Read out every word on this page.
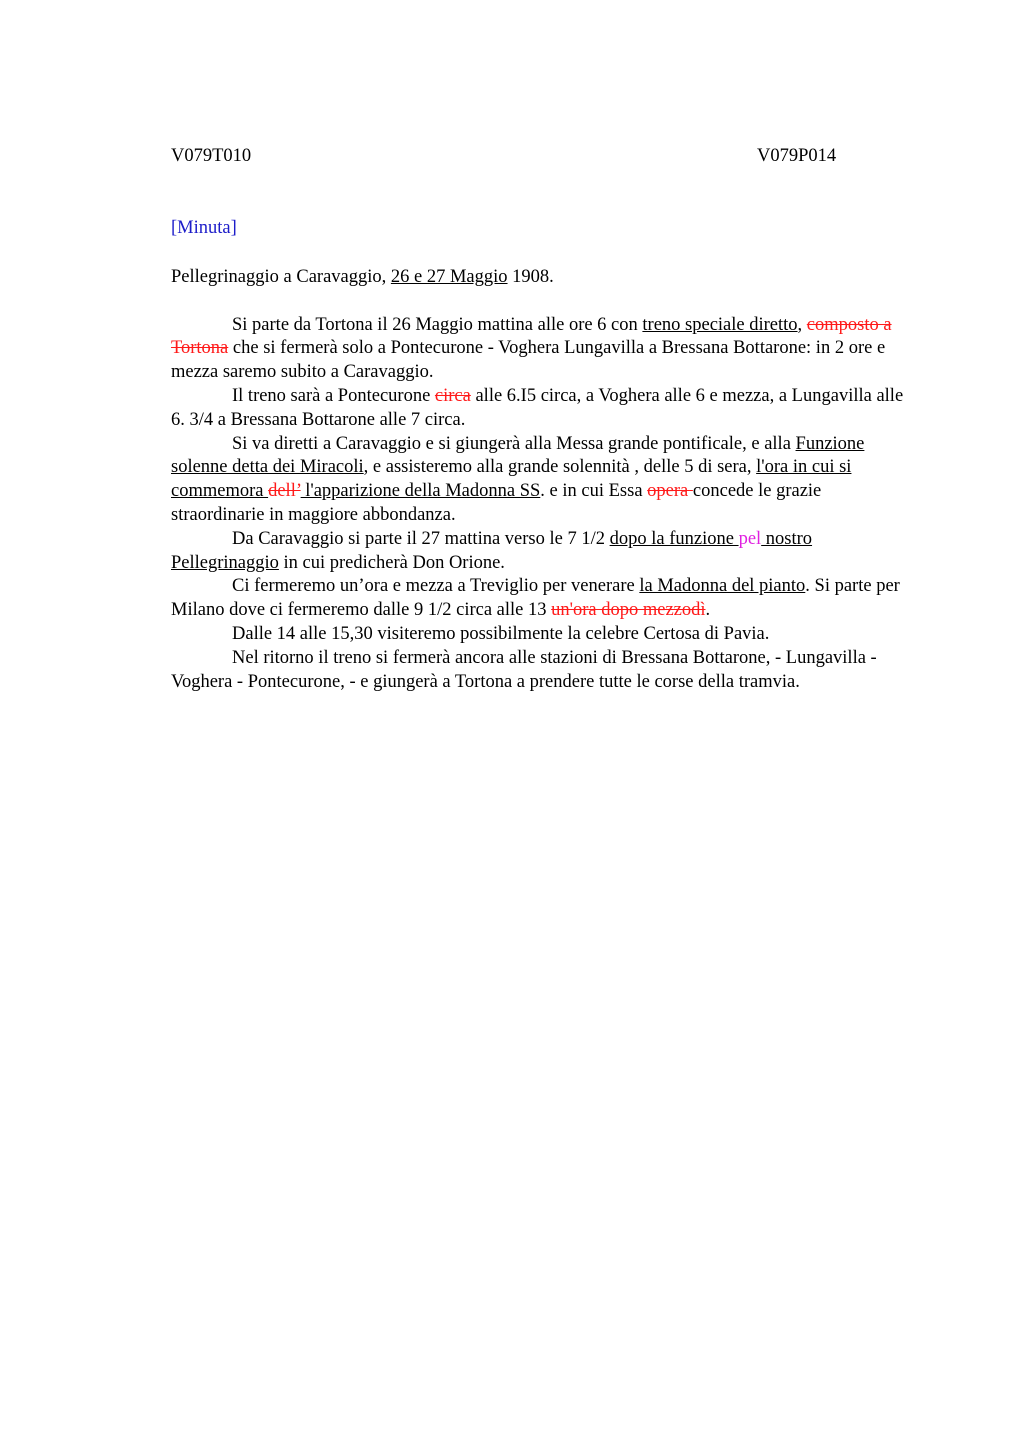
V079T010	V079P014
[Minuta]

Pellegrinaggio a Caravaggio, 26 e 27 Maggio 1908.

Si parte da Tortona il 26 Maggio mattina alle ore 6 con treno speciale diretto, composto a Tortona che si fermerà solo a Pontecurone - Voghera Lungavilla a Bressana Bottarone: in 2 ore e mezza saremo subito a Caravaggio.

Il treno sarà a Pontecurone circa alle 6.I5 circa, a Voghera alle 6 e mezza, a Lungavilla alle 6. 3/4 a Bressana Bottarone alle 7 circa.

Si va diretti a Caravaggio e si giungerà alla Messa grande pontificale, e alla Funzione solenne detta dei Miracoli, e assisteremo alla grande solennità , delle 5 di sera, l'ora in cui si commemora dell’ l'apparizione della Madonna SS. e in cui Essa opera concede le grazie straordinarie in maggiore abbondanza.

Da Caravaggio si parte il 27 mattina verso le 7 1/2 dopo la funzione pel nostro Pellegrinaggio in cui predicherà Don Orione.

Ci fermeremo un’ora e mezza a Treviglio per venerare la Madonna del pianto. Si parte per Milano dove ci fermeremo dalle 9 1/2 circa alle 13 un'ora dopo mezzodì.

Dalle 14 alle 15,30 visiteremo possibilmente la celebre Certosa di Pavia.

Nel ritorno il treno si fermerà ancora alle stazioni di Bressana Bottarone, - Lungavilla - Voghera - Pontecurone, - e giungerà a Tortona a prendere tutte le corse della tramvia.
